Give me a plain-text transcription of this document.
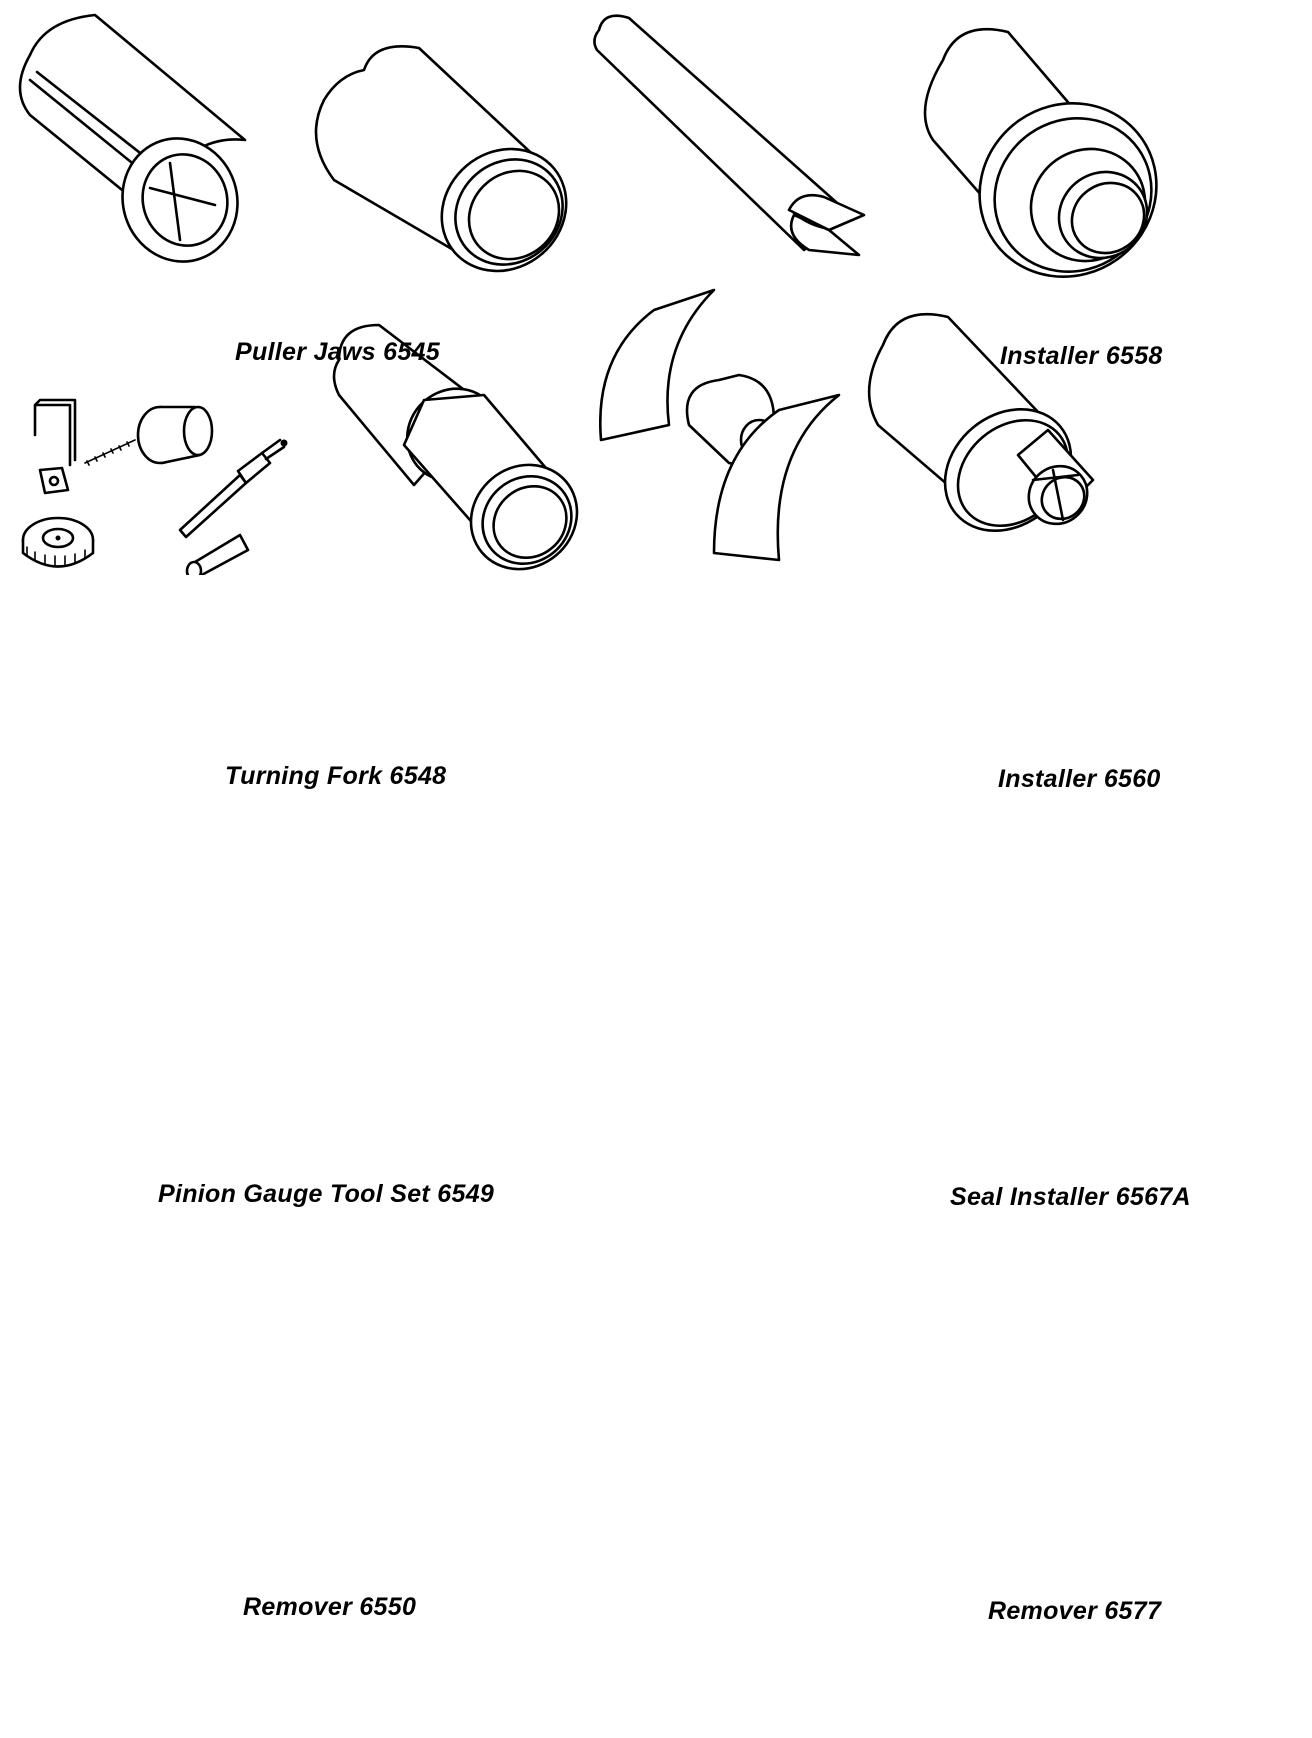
Puller Jaws 6545
	Installer 6558

Turning Fork 6548
	Installer 6560

Pinion Gauge Tool Set 6549
	Seal Installer 6567A

Remover 6550	Remover 6577
